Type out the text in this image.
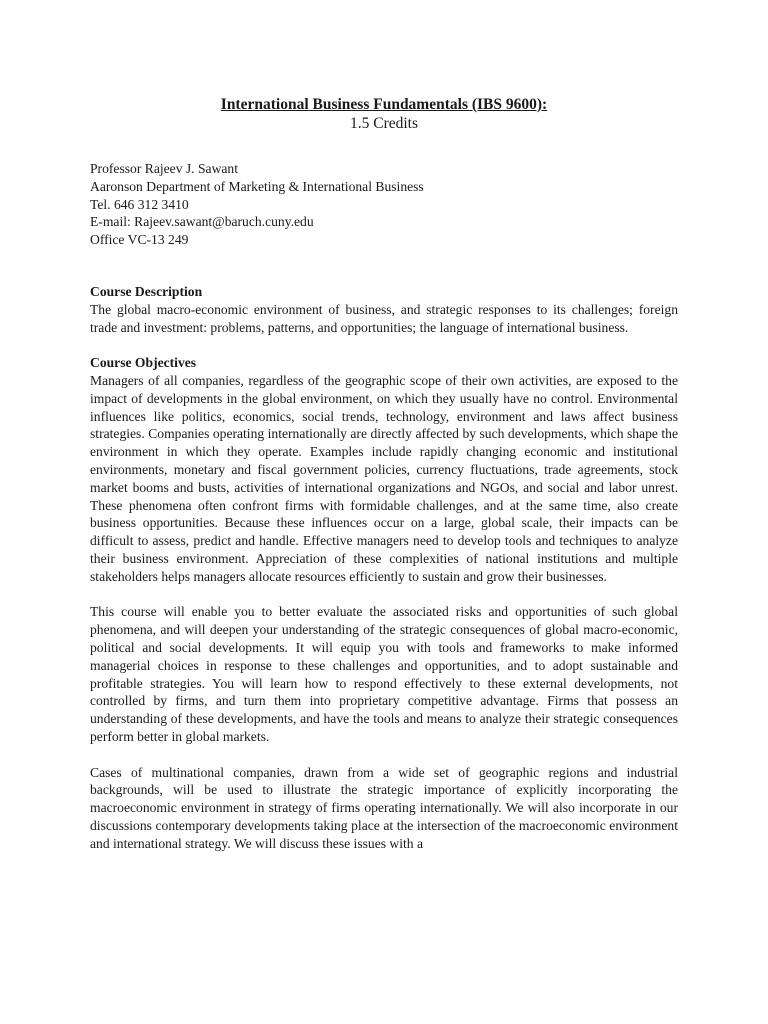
International Business Fundamentals (IBS 9600):

1.5 Credits

Professor Rajeev J. Sawant
Aaronson Department of Marketing & International Business
Tel. 646 312 3410
E-mail: Rajeev.sawant@baruch.cuny.edu
Office VC-13 249

Course Description

The global macro-economic environment of business, and strategic responses to its challenges; foreign trade and investment: problems, patterns, and opportunities; the language of international business.

Course Objectives

Managers of all companies, regardless of the geographic scope of their own activities, are exposed to the impact of developments in the global environment, on which they usually have no control. Environmental influences like politics, economics, social trends, technology, environment and laws affect business strategies. Companies operating internationally are directly affected by such developments, which shape the environment in which they operate. Examples include rapidly changing economic and institutional environments, monetary and fiscal government policies, currency fluctuations, trade agreements, stock market booms and busts, activities of international organizations and NGOs, and social and labor unrest. These phenomena often confront firms with formidable challenges, and at the same time, also create business opportunities. Because these influences occur on a large, global scale, their impacts can be difficult to assess, predict and handle. Effective managers need to develop tools and techniques to analyze their business environment. Appreciation of these complexities of national institutions and multiple stakeholders helps managers allocate resources efficiently to sustain and grow their businesses.

This course will enable you to better evaluate the associated risks and opportunities of such global phenomena, and will deepen your understanding of the strategic consequences of global macro-economic, political and social developments. It will equip you with tools and frameworks to make informed managerial choices in response to these challenges and opportunities, and to adopt sustainable and profitable strategies. You will learn how to respond effectively to these external developments, not controlled by firms, and turn them into proprietary competitive advantage. Firms that possess an understanding of these developments, and have the tools and means to analyze their strategic consequences perform better in global markets.

Cases of multinational companies, drawn from a wide set of geographic regions and industrial backgrounds, will be used to illustrate the strategic importance of explicitly incorporating the macroeconomic environment in strategy of firms operating internationally. We will also incorporate in our discussions contemporary developments taking place at the intersection of the macroeconomic environment and international strategy. We will discuss these issues with a
